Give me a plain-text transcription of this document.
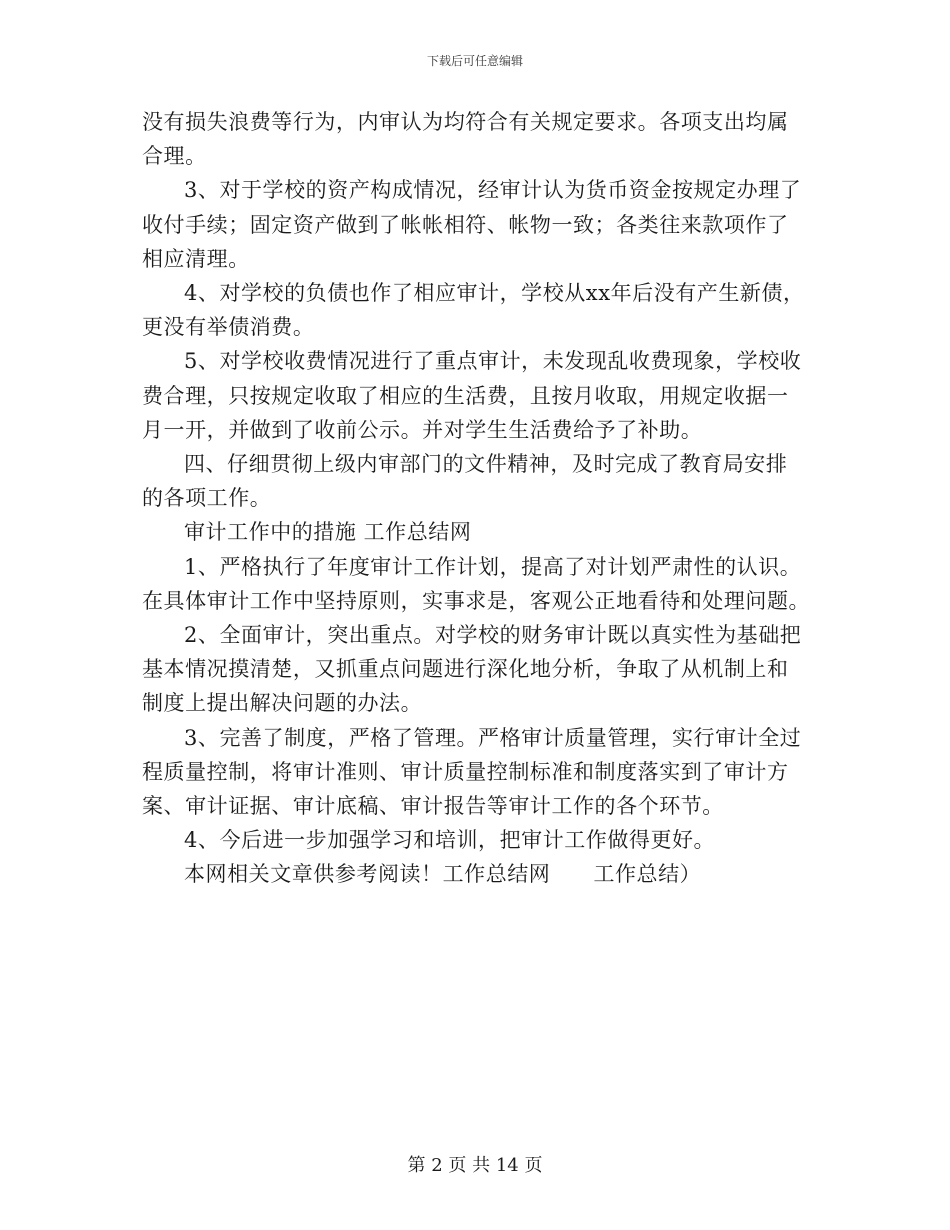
下载后可任意编辑
没有损失浪费等行为，内审认为均符合有关规定要求。各项支出均属
合理。
3、对于学校的资产构成情况，经审计认为货币资金按规定办理了
收付手续；固定资产做到了帐帐相符、帐物一致；各类往来款项作了
相应清理。
4、对学校的负债也作了相应审计，学校从xx年后没有产生新债，
更没有举债消费。
5、对学校收费情况进行了重点审计，未发现乱收费现象，学校收
费合理，只按规定收取了相应的生活费，且按月收取，用规定收据一
月一开，并做到了收前公示。并对学生生活费给予了补助。
四、仔细贯彻上级内审部门的文件精神，及时完成了教育局安排
的各项工作。
审计工作中的措施 工作总结网
1、严格执行了年度审计工作计划，提高了对计划严肃性的认识。
在具体审计工作中坚持原则，实事求是，客观公正地看待和处理问题。
2、全面审计，突出重点。对学校的财务审计既以真实性为基础把
基本情况摸清楚，又抓重点问题进行深化地分析，争取了从机制上和
制度上提出解决问题的办法。
3、完善了制度，严格了管理。严格审计质量管理，实行审计全过
程质量控制，将审计准则、审计质量控制标准和制度落实到了审计方
案、审计证据、审计底稿、审计报告等审计工作的各个环节。
4、今后进一步加强学习和培训，把审计工作做得更好。
本网相关文章供参考阅读！工作总结网　　工作总结）
第 2 页 共 14 页
